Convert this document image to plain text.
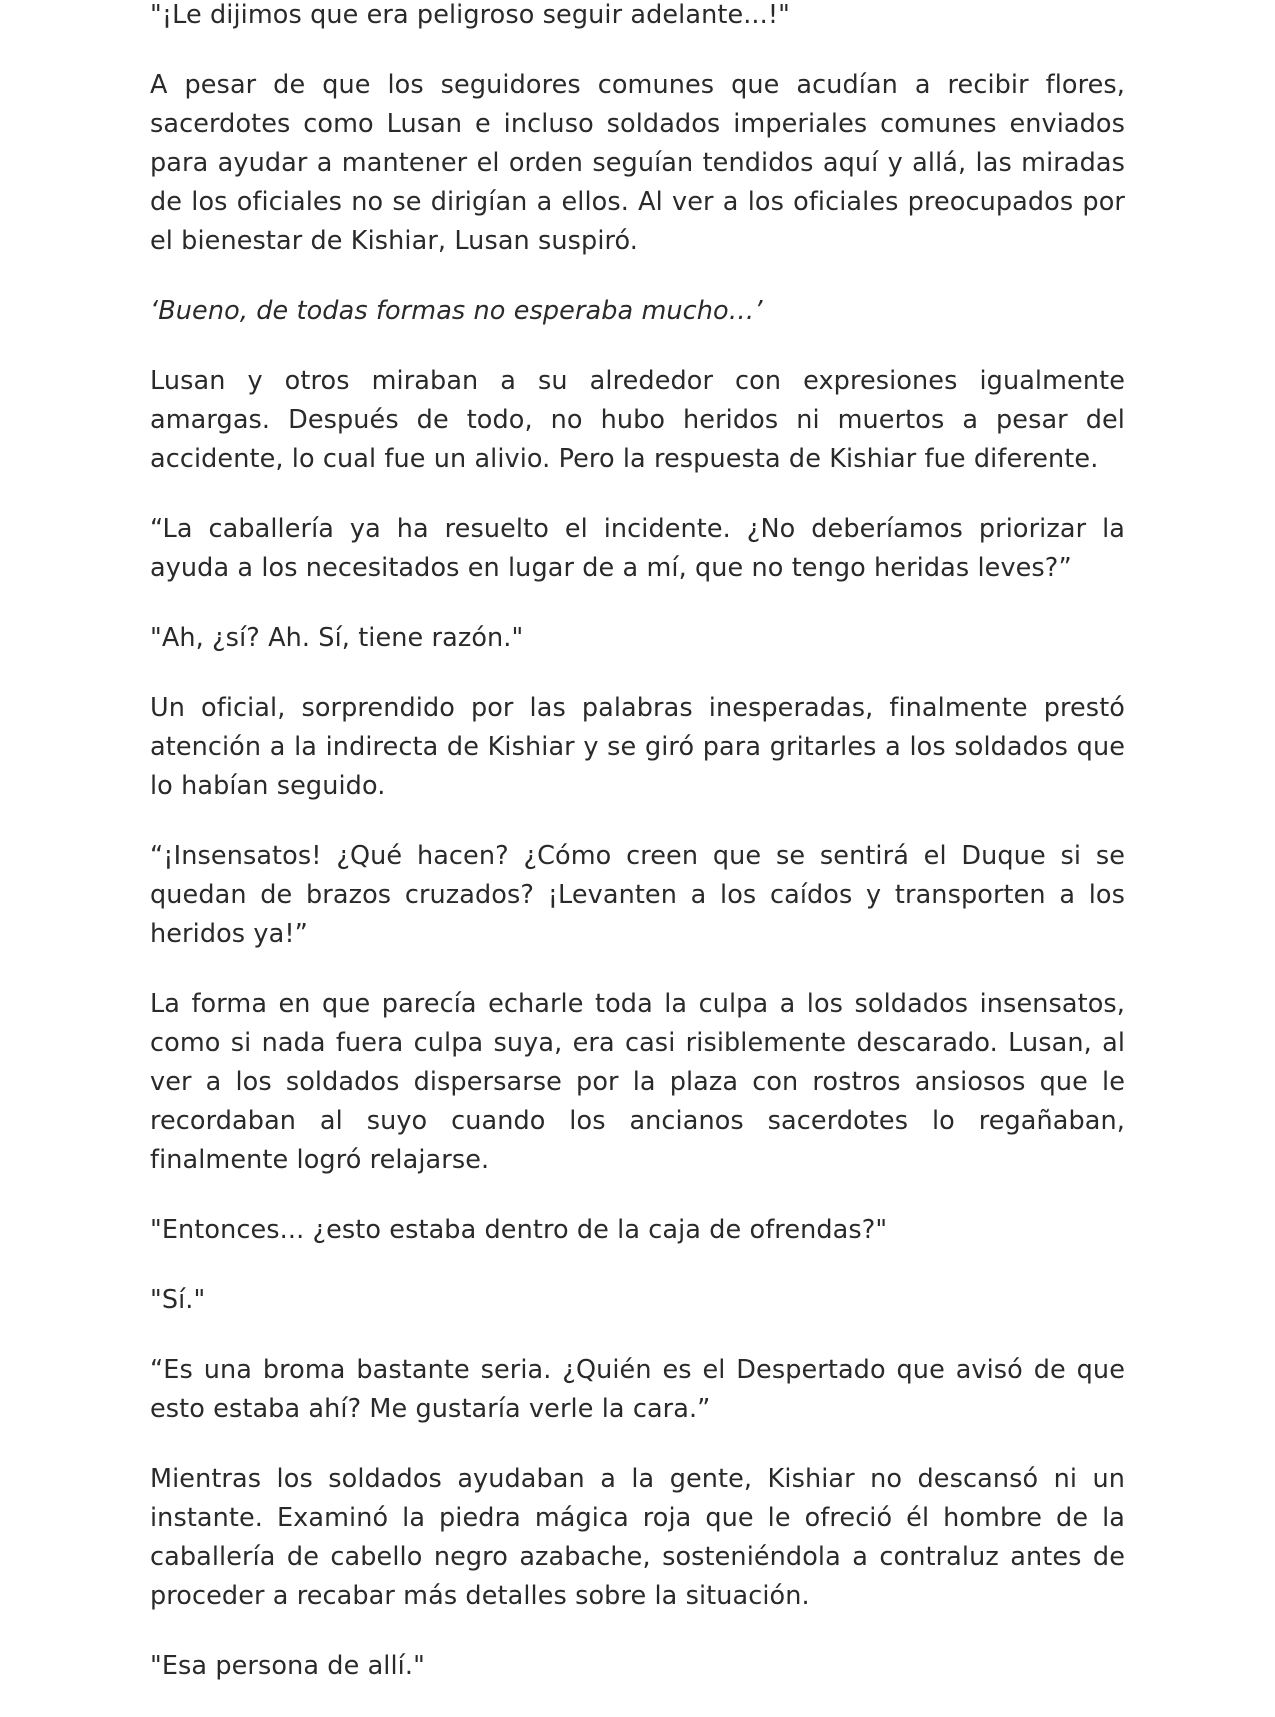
"¡Le dijimos que era peligroso seguir adelante...!"

A pesar de que los seguidores comunes que acudían a recibir flores, sacerdotes como Lusan e incluso soldados imperiales comunes enviados para ayudar a mantener el orden seguían tendidos aquí y allá, las miradas de los oficiales no se dirigían a ellos. Al ver a los oficiales preocupados por el bienestar de Kishiar, Lusan suspiró.

‘Bueno, de todas formas no esperaba mucho…’

Lusan y otros miraban a su alrededor con expresiones igualmente amargas. Después de todo, no hubo heridos ni muertos a pesar del accidente, lo cual fue un alivio. Pero la respuesta de Kishiar fue diferente.

“La caballería ya ha resuelto el incidente. ¿No deberíamos priorizar la ayuda a los necesitados en lugar de a mí, que no tengo heridas leves?”

"Ah, ¿sí? Ah. Sí, tiene razón."

Un oficial, sorprendido por las palabras inesperadas, finalmente prestó atención a la indirecta de Kishiar y se giró para gritarles a los soldados que lo habían seguido.

“¡Insensatos! ¿Qué hacen? ¿Cómo creen que se sentirá el Duque si se quedan de brazos cruzados? ¡Levanten a los caídos y transporten a los heridos ya!”

La forma en que parecía echarle toda la culpa a los soldados insensatos, como si nada fuera culpa suya, era casi risiblemente descarado. Lusan, al ver a los soldados dispersarse por la plaza con rostros ansiosos que le recordaban al suyo cuando los ancianos sacerdotes lo regañaban, finalmente logró relajarse.

"Entonces... ¿esto estaba dentro de la caja de ofrendas?"

"Sí."

“Es una broma bastante seria. ¿Quién es el Despertado que avisó de que esto estaba ahí? Me gustaría verle la cara.”

Mientras los soldados ayudaban a la gente, Kishiar no descansó ni un instante. Examinó la piedra mágica roja que le ofreció él hombre de la caballería de cabello negro azabache, sosteniéndola a contraluz antes de proceder a recabar más detalles sobre la situación.

"Esa persona de allí."
